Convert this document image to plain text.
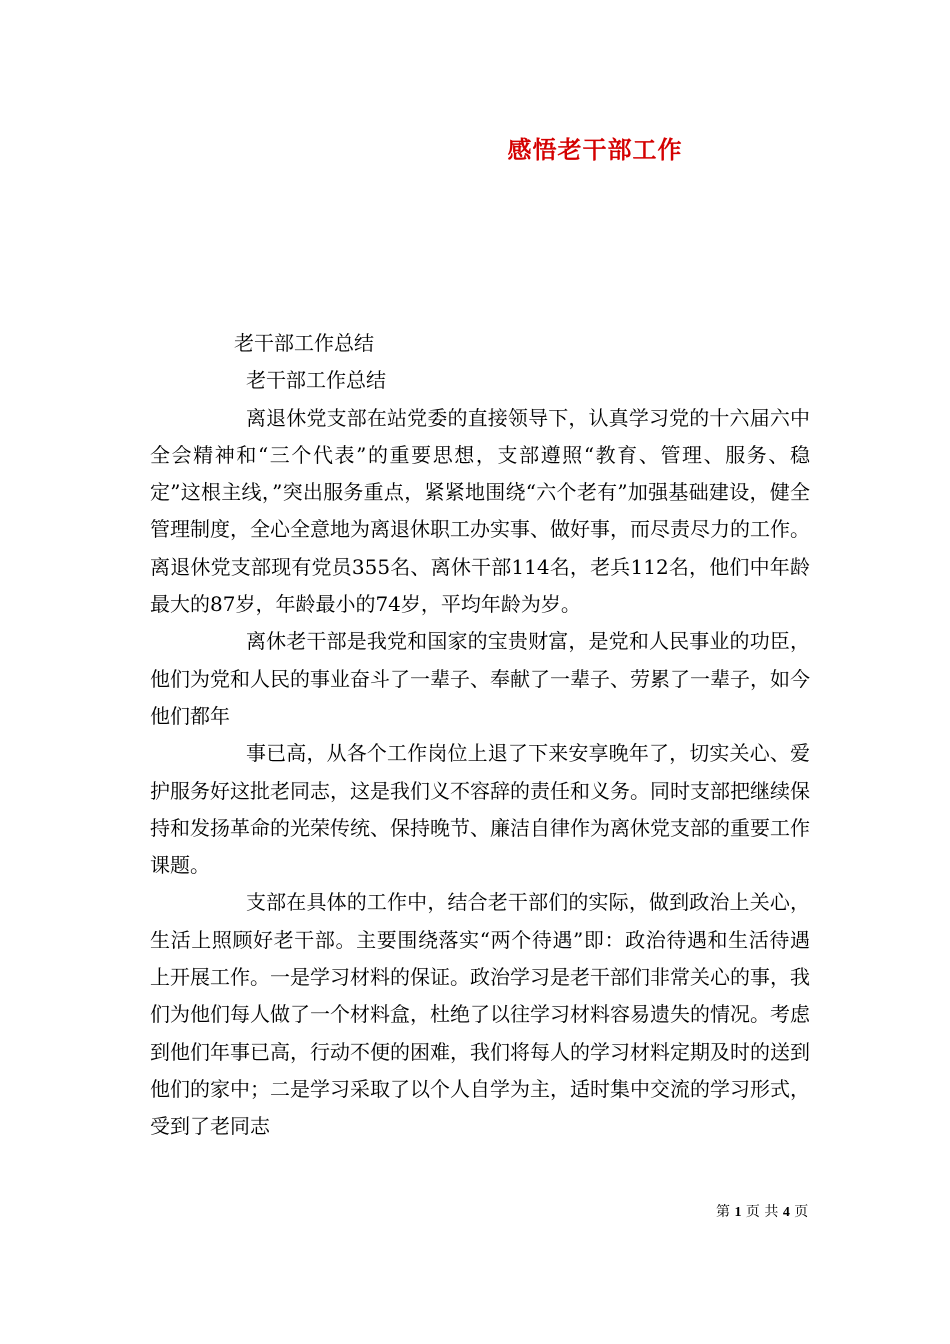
感悟老干部工作

老干部工作总结

老干部工作总结

离退休党支部在站党委的直接领导下，认真学习党的十六届六中全会精神和“三个代表”的重要思想，支部遵照“教育、管理、服务、稳定”这根主线，”突出服务重点，紧紧地围绕“六个老有”加强基础建设，健全管理制度，全心全意地为离退休职工办实事、做好事，而尽责尽力的工作。离退休党支部现有党员355名、离休干部114名，老兵112名，他们中年龄最大的87岁，年龄最小的74岁，平均年龄为岁。

离休老干部是我党和国家的宝贵财富，是党和人民事业的功臣，他们为党和人民的事业奋斗了一辈子、奉献了一辈子、劳累了一辈子，如今他们都年

事已高，从各个工作岗位上退了下来安享晚年了，切实关心、爱护服务好这批老同志，这是我们义不容辞的责任和义务。同时支部把继续保持和发扬革命的光荣传统、保持晚节、廉洁自律作为离休党支部的重要工作课题。

支部在具体的工作中，结合老干部们的实际，做到政治上关心，生活上照顾好老干部。主要围绕落实“两个待遇”即：政治待遇和生活待遇上开展工作。一是学习材料的保证。政治学习是老干部们非常关心的事，我们为他们每人做了一个材料盒，杜绝了以往学习材料容易遗失的情况。考虑到他们年事已高，行动不便的困难，我们将每人的学习材料定期及时的送到他们的家中；二是学习采取了以个人自学为主，适时集中交流的学习形式，受到了老同志

第 1 页 共 4 页
